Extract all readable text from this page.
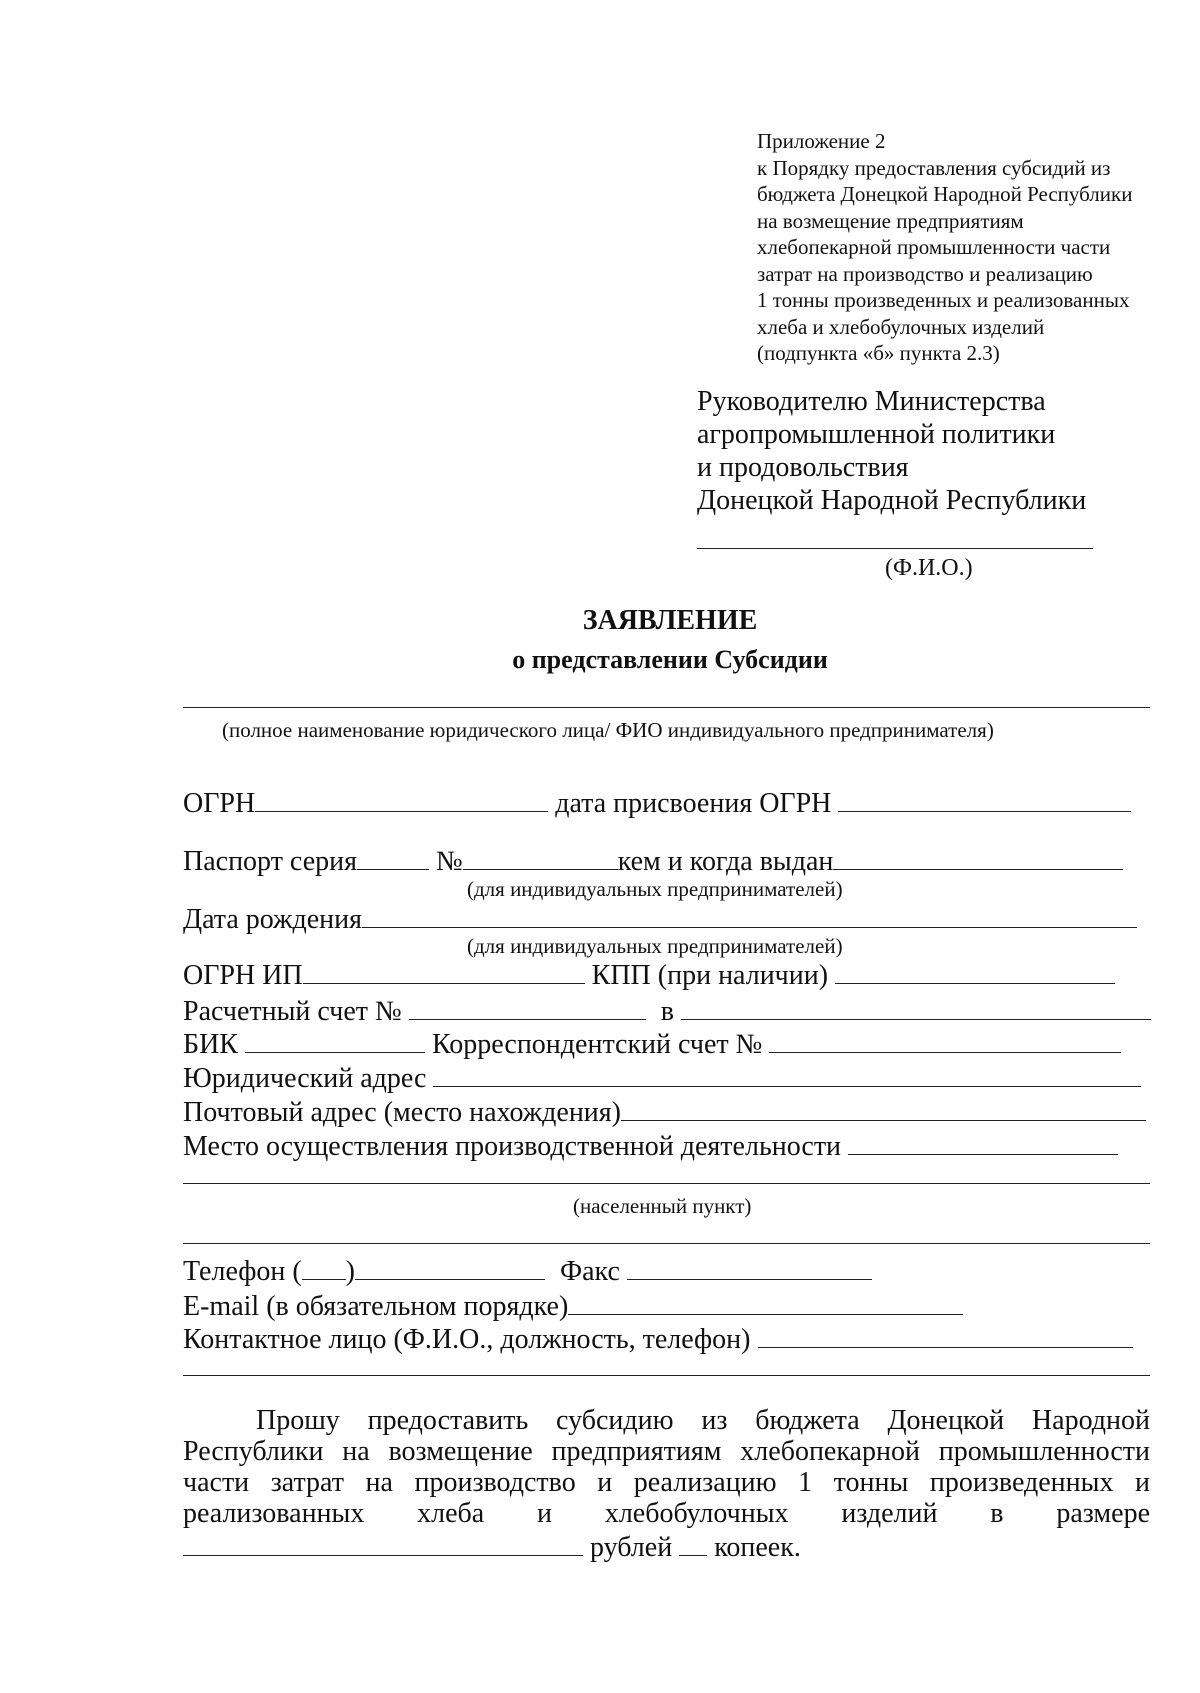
Приложение 2
к Порядку предоставления субсидий из
бюджета Донецкой Народной Республики
на возмещение предприятиям
хлебопекарной промышленности части
затрат на производство и реализацию
1 тонны произведенных и реализованных
хлеба и хлебобулочных изделий
(подпункта «б» пункта 2.3)
Руководителю Министерства
агропромышленной политики
и продовольствия
Донецкой Народной Республики
(Ф.И.О.)
ЗАЯВЛЕНИЕ
о представлении Субсидии
(полное наименование юридического лица/ ФИО индивидуального предпринимателя)
ОГРН	дата присвоения ОГРН
Паспорт серия	№	кем и когда выдан
(для индивидуальных предпринимателей)
Дата рождения
(для индивидуальных предпринимателей)
ОГРН ИП	КПП (при наличии)
Расчетный счет №	в
БИК	Корреспондентский счет №
Юридический адрес
Почтовый адрес (место нахождения)
Место осуществления производственной деятельности
(населенный пункт)
Телефон ( )	Факс
E-mail (в обязательном порядке)
Контактное лицо (Ф.И.О., должность, телефон)

Прошу предоставить субсидию из бюджета Донецкой Народной Республики на возмещение предприятиям хлебопекарной промышленности части затрат на производство и реализацию 1 тонны произведенных и реализованных хлеба и хлебобулочных изделий в размере

рублей копеек.
